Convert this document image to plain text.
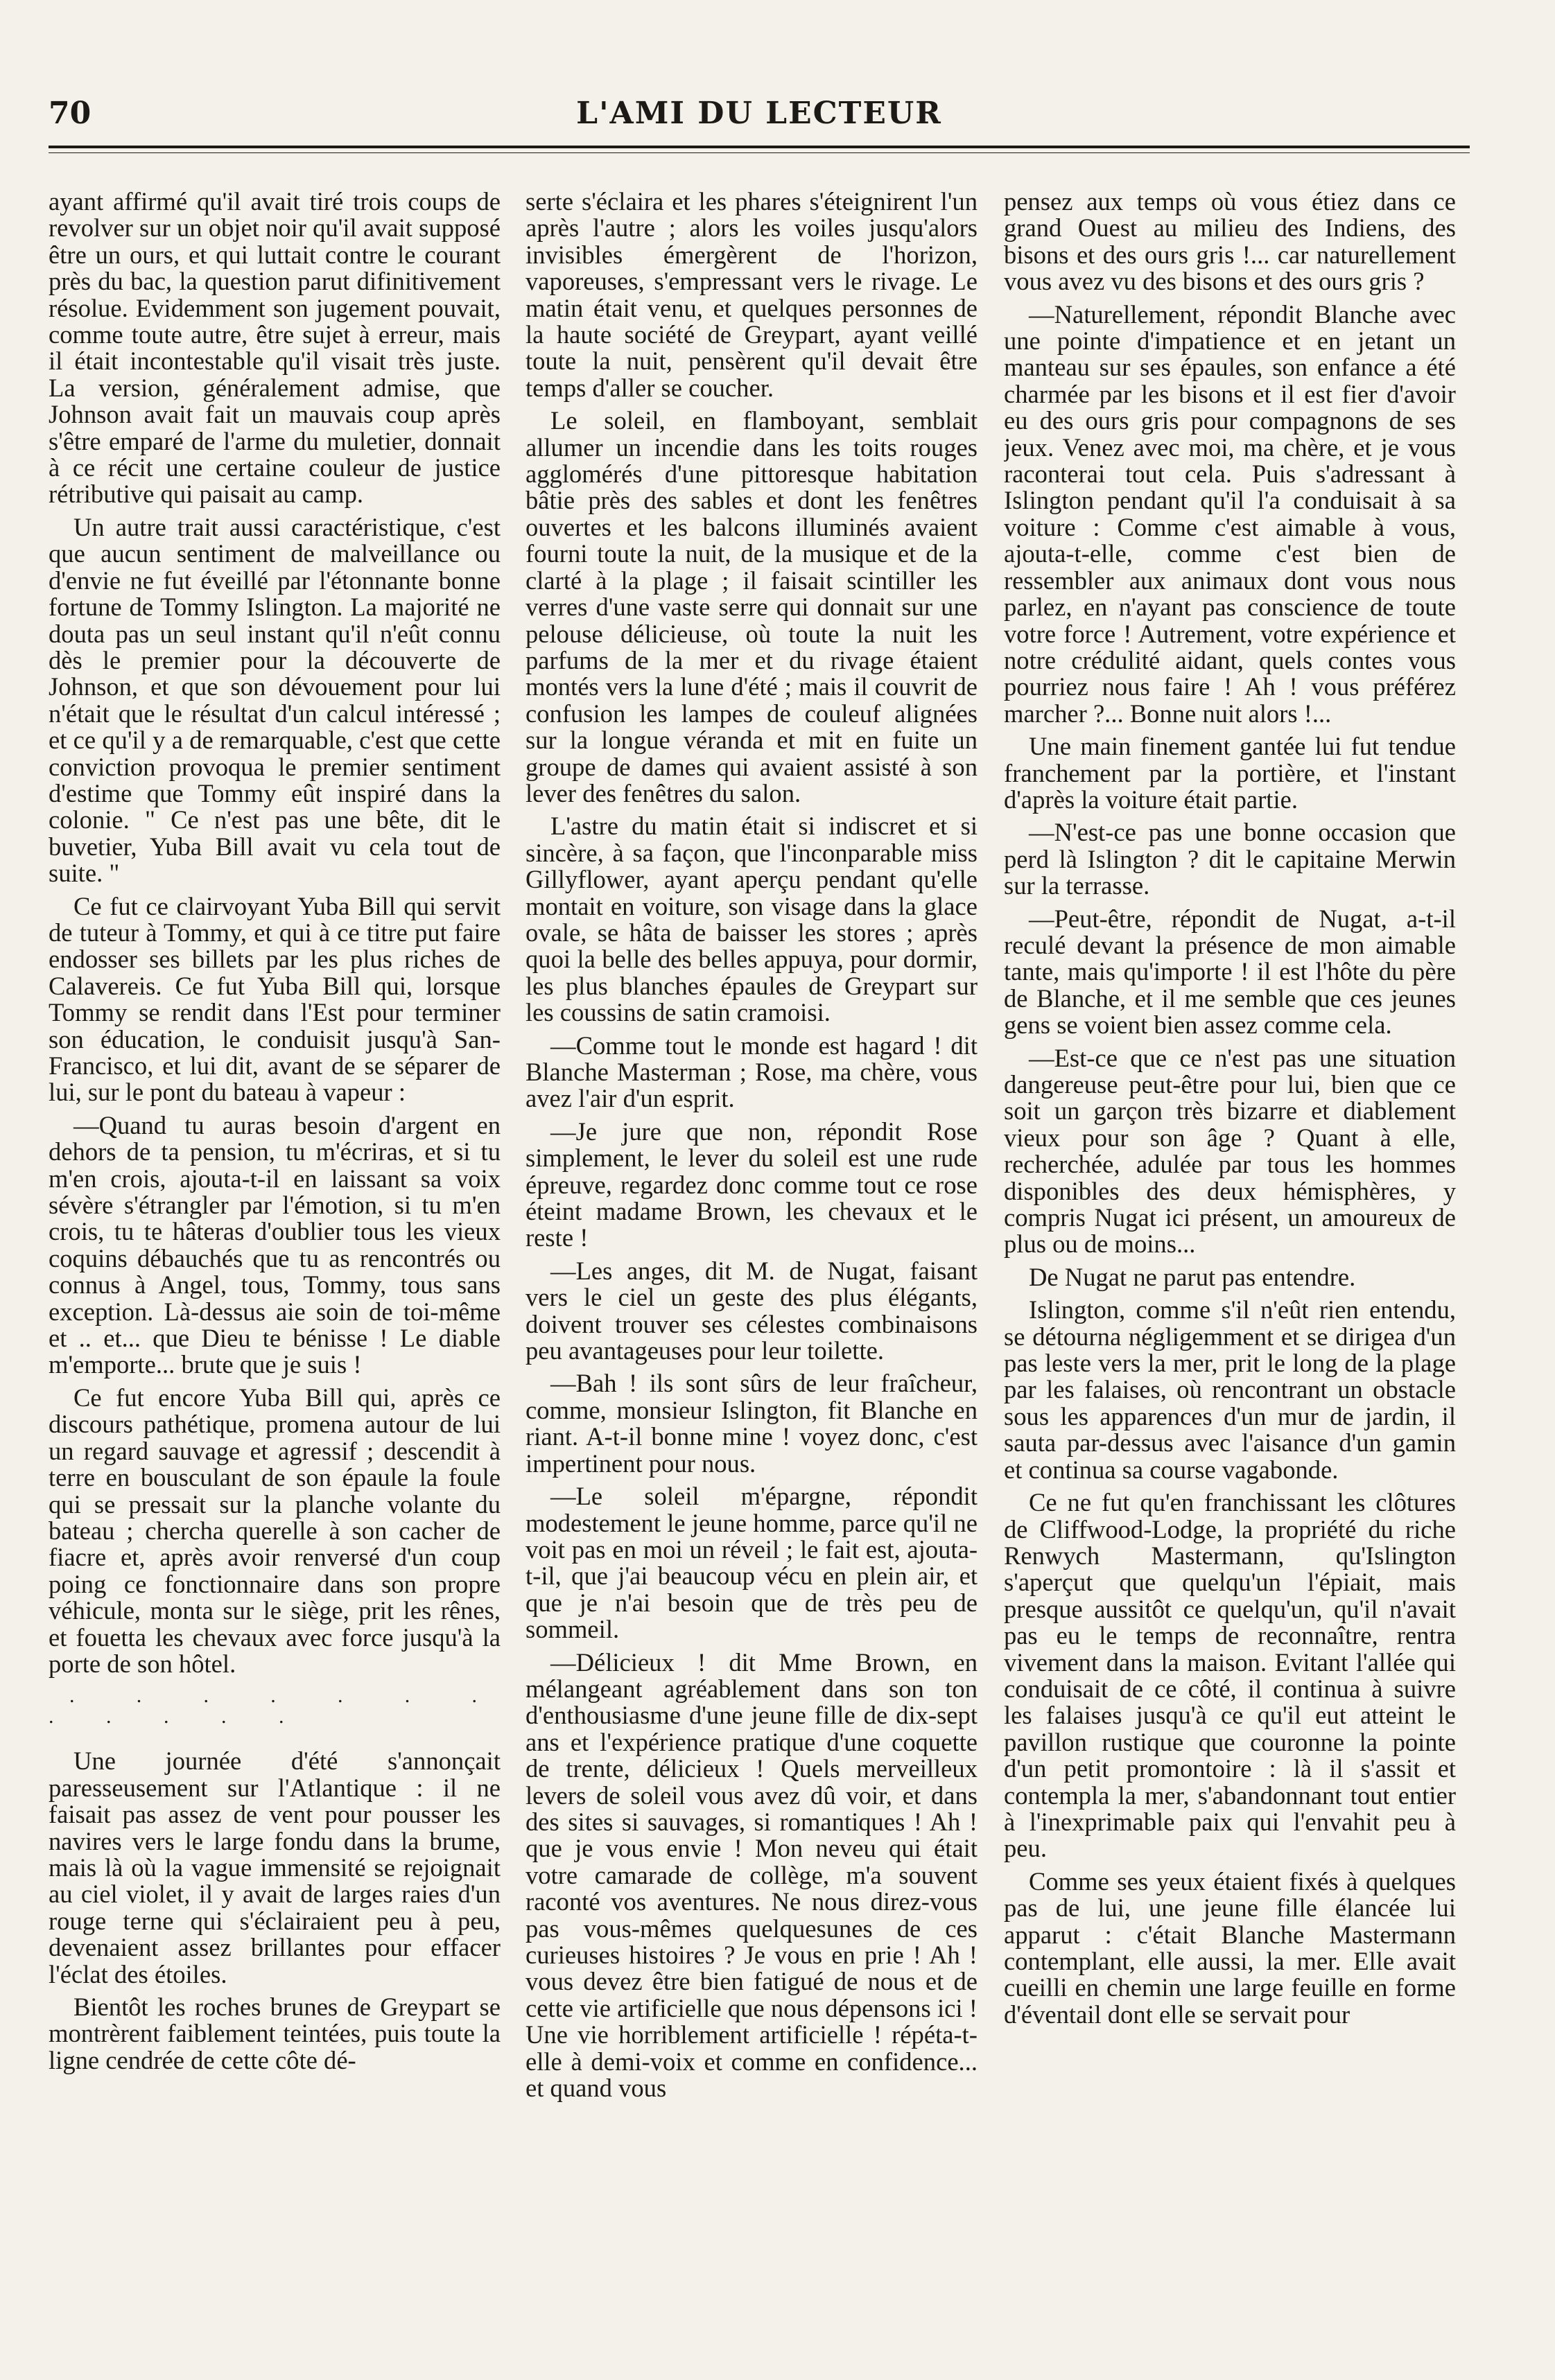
70	L'AMI DU LECTEUR

ayant affirmé qu'il avait tiré trois coups de revolver sur un objet noir qu'il avait supposé être un ours, et qui luttait contre le courant près du bac, la question parut difinitivement résolue. Evidemment son jugement pouvait, comme toute autre, être sujet à erreur, mais il était incontestable qu'il visait très juste. La version, généralement admise, que Johnson avait fait un mauvais coup après s'être emparé de l'arme du muletier, donnait à ce récit une certaine couleur de justice rétributive qui paisait au camp.

Un autre trait aussi caractéristique, c'est que aucun sentiment de malveillance ou d'envie ne fut éveillé par l'étonnante bonne fortune de Tommy Islington. La majorité ne douta pas un seul instant qu'il n'eût connu dès le premier pour la découverte de Johnson, et que son dévouement pour lui n'était que le résultat d'un calcul intéressé ; et ce qu'il y a de remarquable, c'est que cette conviction provoqua le premier sentiment d'estime que Tommy eût inspiré dans la colonie. " Ce n'est pas une bête, dit le buvetier, Yuba Bill avait vu cela tout de suite. "

Ce fut ce clairvoyant Yuba Bill qui servit de tuteur à Tommy, et qui à ce titre put faire endosser ses billets par les plus riches de Calavereis. Ce fut Yuba Bill qui, lorsque Tommy se rendit dans l'Est pour terminer son éducation, le conduisit jusqu'à San-Francisco, et lui dit, avant de se séparer de lui, sur le pont du bateau à vapeur :

—Quand tu auras besoin d'argent en dehors de ta pension, tu m'écriras, et si tu m'en crois, ajouta-t-il en laissant sa voix sévère s'étrangler par l'émotion, si tu m'en crois, tu te hâteras d'oublier tous les vieux coquins débauchés que tu as rencontrés ou connus à Angel, tous, Tommy, tous sans exception. Là-dessus aie soin de toi-même et .. et... que Dieu te bénisse ! Le diable m'emporte... brute que je suis !

Ce fut encore Yuba Bill qui, après ce discours pathétique, promena autour de lui un regard sauvage et agressif ; descendit à terre en bousculant de son épaule la foule qui se pressait sur la planche volante du bateau ; chercha querelle à son cacher de fiacre et, après avoir renversé d'un coup poing ce fonctionnaire dans son propre véhicule, monta sur le siège, prit les rênes, et fouetta les chevaux avec force jusqu'à la porte de son hôtel.

. . . . . . . . . . . .

Une journée d'été s'annonçait paresseusement sur l'Atlantique : il ne faisait pas assez de vent pour pousser les navires vers le large fondu dans la brume, mais là où la vague immensité se rejoignait au ciel violet, il y avait de larges raies d'un rouge terne qui s'éclairaient peu à peu, devenaient assez brillantes pour effacer l'éclat des étoiles.

Bientôt les roches brunes de Greypart se montrèrent faiblement teintées, puis toute la ligne cendrée de cette côte dé-

serte s'éclaira et les phares s'éteignirent l'un après l'autre ; alors les voiles jusqu'alors invisibles émergèrent de l'horizon, vaporeuses, s'empressant vers le rivage. Le matin était venu, et quelques personnes de la haute société de Greypart, ayant veillé toute la nuit, pensèrent qu'il devait être temps d'aller se coucher.

Le soleil, en flamboyant, semblait allumer un incendie dans les toits rouges agglomérés d'une pittoresque habitation bâtie près des sables et dont les fenêtres ouvertes et les balcons illuminés avaient fourni toute la nuit, de la musique et de la clarté à la plage ; il faisait scintiller les verres d'une vaste serre qui donnait sur une pelouse délicieuse, où toute la nuit les parfums de la mer et du rivage étaient montés vers la lune d'été ; mais il couvrit de confusion les lampes de couleuf alignées sur la longue véranda et mit en fuite un groupe de dames qui avaient assisté à son lever des fenêtres du salon.

L'astre du matin était si indiscret et si sincère, à sa façon, que l'inconparable miss Gillyflower, ayant aperçu pendant qu'elle montait en voiture, son visage dans la glace ovale, se hâta de baisser les stores ; après quoi la belle des belles appuya, pour dormir, les plus blanches épaules de Greypart sur les coussins de satin cramoisi.

—Comme tout le monde est hagard ! dit Blanche Masterman ; Rose, ma chère, vous avez l'air d'un esprit.

—Je jure que non, répondit Rose simplement, le lever du soleil est une rude épreuve, regardez donc comme tout ce rose éteint madame Brown, les chevaux et le reste !

—Les anges, dit M. de Nugat, faisant vers le ciel un geste des plus élégants, doivent trouver ses célestes combinaisons peu avantageuses pour leur toilette.

—Bah ! ils sont sûrs de leur fraîcheur, comme, monsieur Islington, fit Blanche en riant. A-t-il bonne mine ! voyez donc, c'est impertinent pour nous.

—Le soleil m'épargne, répondit modestement le jeune homme, parce qu'il ne voit pas en moi un réveil ; le fait est, ajouta-t-il, que j'ai beaucoup vécu en plein air, et que je n'ai besoin que de très peu de sommeil.

—Délicieux ! dit Mme Brown, en mélangeant agréablement dans son ton d'enthousiasme d'une jeune fille de dix-sept ans et l'expérience pratique d'une coquette de trente, délicieux ! Quels merveilleux levers de soleil vous avez dû voir, et dans des sites si sauvages, si romantiques ! Ah ! que je vous envie ! Mon neveu qui était votre camarade de collège, m'a souvent raconté vos aventures. Ne nous direz-vous pas vous-mêmes quelquesunes de ces curieuses histoires ? Je vous en prie ! Ah ! vous devez être bien fatigué de nous et de cette vie artificielle que nous dépensons ici ! Une vie horriblement artificielle ! répéta-t-elle à demi-voix et comme en confidence... et quand vous

pensez aux temps où vous étiez dans ce grand Ouest au milieu des Indiens, des bisons et des ours gris !... car naturellement vous avez vu des bisons et des ours gris ?

—Naturellement, répondit Blanche avec une pointe d'impatience et en jetant un manteau sur ses épaules, son enfance a été charmée par les bisons et il est fier d'avoir eu des ours gris pour compagnons de ses jeux. Venez avec moi, ma chère, et je vous raconterai tout cela. Puis s'adressant à Islington pendant qu'il l'a conduisait à sa voiture : Comme c'est aimable à vous, ajouta-t-elle, comme c'est bien de ressembler aux animaux dont vous nous parlez, en n'ayant pas conscience de toute votre force ! Autrement, votre expérience et notre crédulité aidant, quels contes vous pourriez nous faire ! Ah ! vous préférez marcher ?... Bonne nuit alors !...

Une main finement gantée lui fut tendue franchement par la portière, et l'instant d'après la voiture était partie.

—N'est-ce pas une bonne occasion que perd là Islington ? dit le capitaine Merwin sur la terrasse.

—Peut-être, répondit de Nugat, a-t-il reculé devant la présence de mon aimable tante, mais qu'importe ! il est l'hôte du père de Blanche, et il me semble que ces jeunes gens se voient bien assez comme cela.

—Est-ce que ce n'est pas une situation dangereuse peut-être pour lui, bien que ce soit un garçon très bizarre et diablement vieux pour son âge ? Quant à elle, recherchée, adulée par tous les hommes disponibles des deux hémisphères, y compris Nugat ici présent, un amoureux de plus ou de moins...

De Nugat ne parut pas entendre.

Islington, comme s'il n'eût rien entendu, se détourna négligemment et se dirigea d'un pas leste vers la mer, prit le long de la plage par les falaises, où rencontrant un obstacle sous les apparences d'un mur de jardin, il sauta par-dessus avec l'aisance d'un gamin et continua sa course vagabonde.

Ce ne fut qu'en franchissant les clôtures de Cliffwood-Lodge, la propriété du riche Renwych Mastermann, qu'Islington s'aperçut que quelqu'un l'épiait, mais presque aussitôt ce quelqu'un, qu'il n'avait pas eu le temps de reconnaître, rentra vivement dans la maison. Evitant l'allée qui conduisait de ce côté, il continua à suivre les falaises jusqu'à ce qu'il eut atteint le pavillon rustique que couronne la pointe d'un petit promontoire : là il s'assit et contempla la mer, s'abandonnant tout entier à l'inexprimable paix qui l'envahit peu à peu.

Comme ses yeux étaient fixés à quelques pas de lui, une jeune fille élancée lui apparut : c'était Blanche Mastermann contemplant, elle aussi, la mer. Elle avait cueilli en chemin une large feuille en forme d'éventail dont elle se servait pour
